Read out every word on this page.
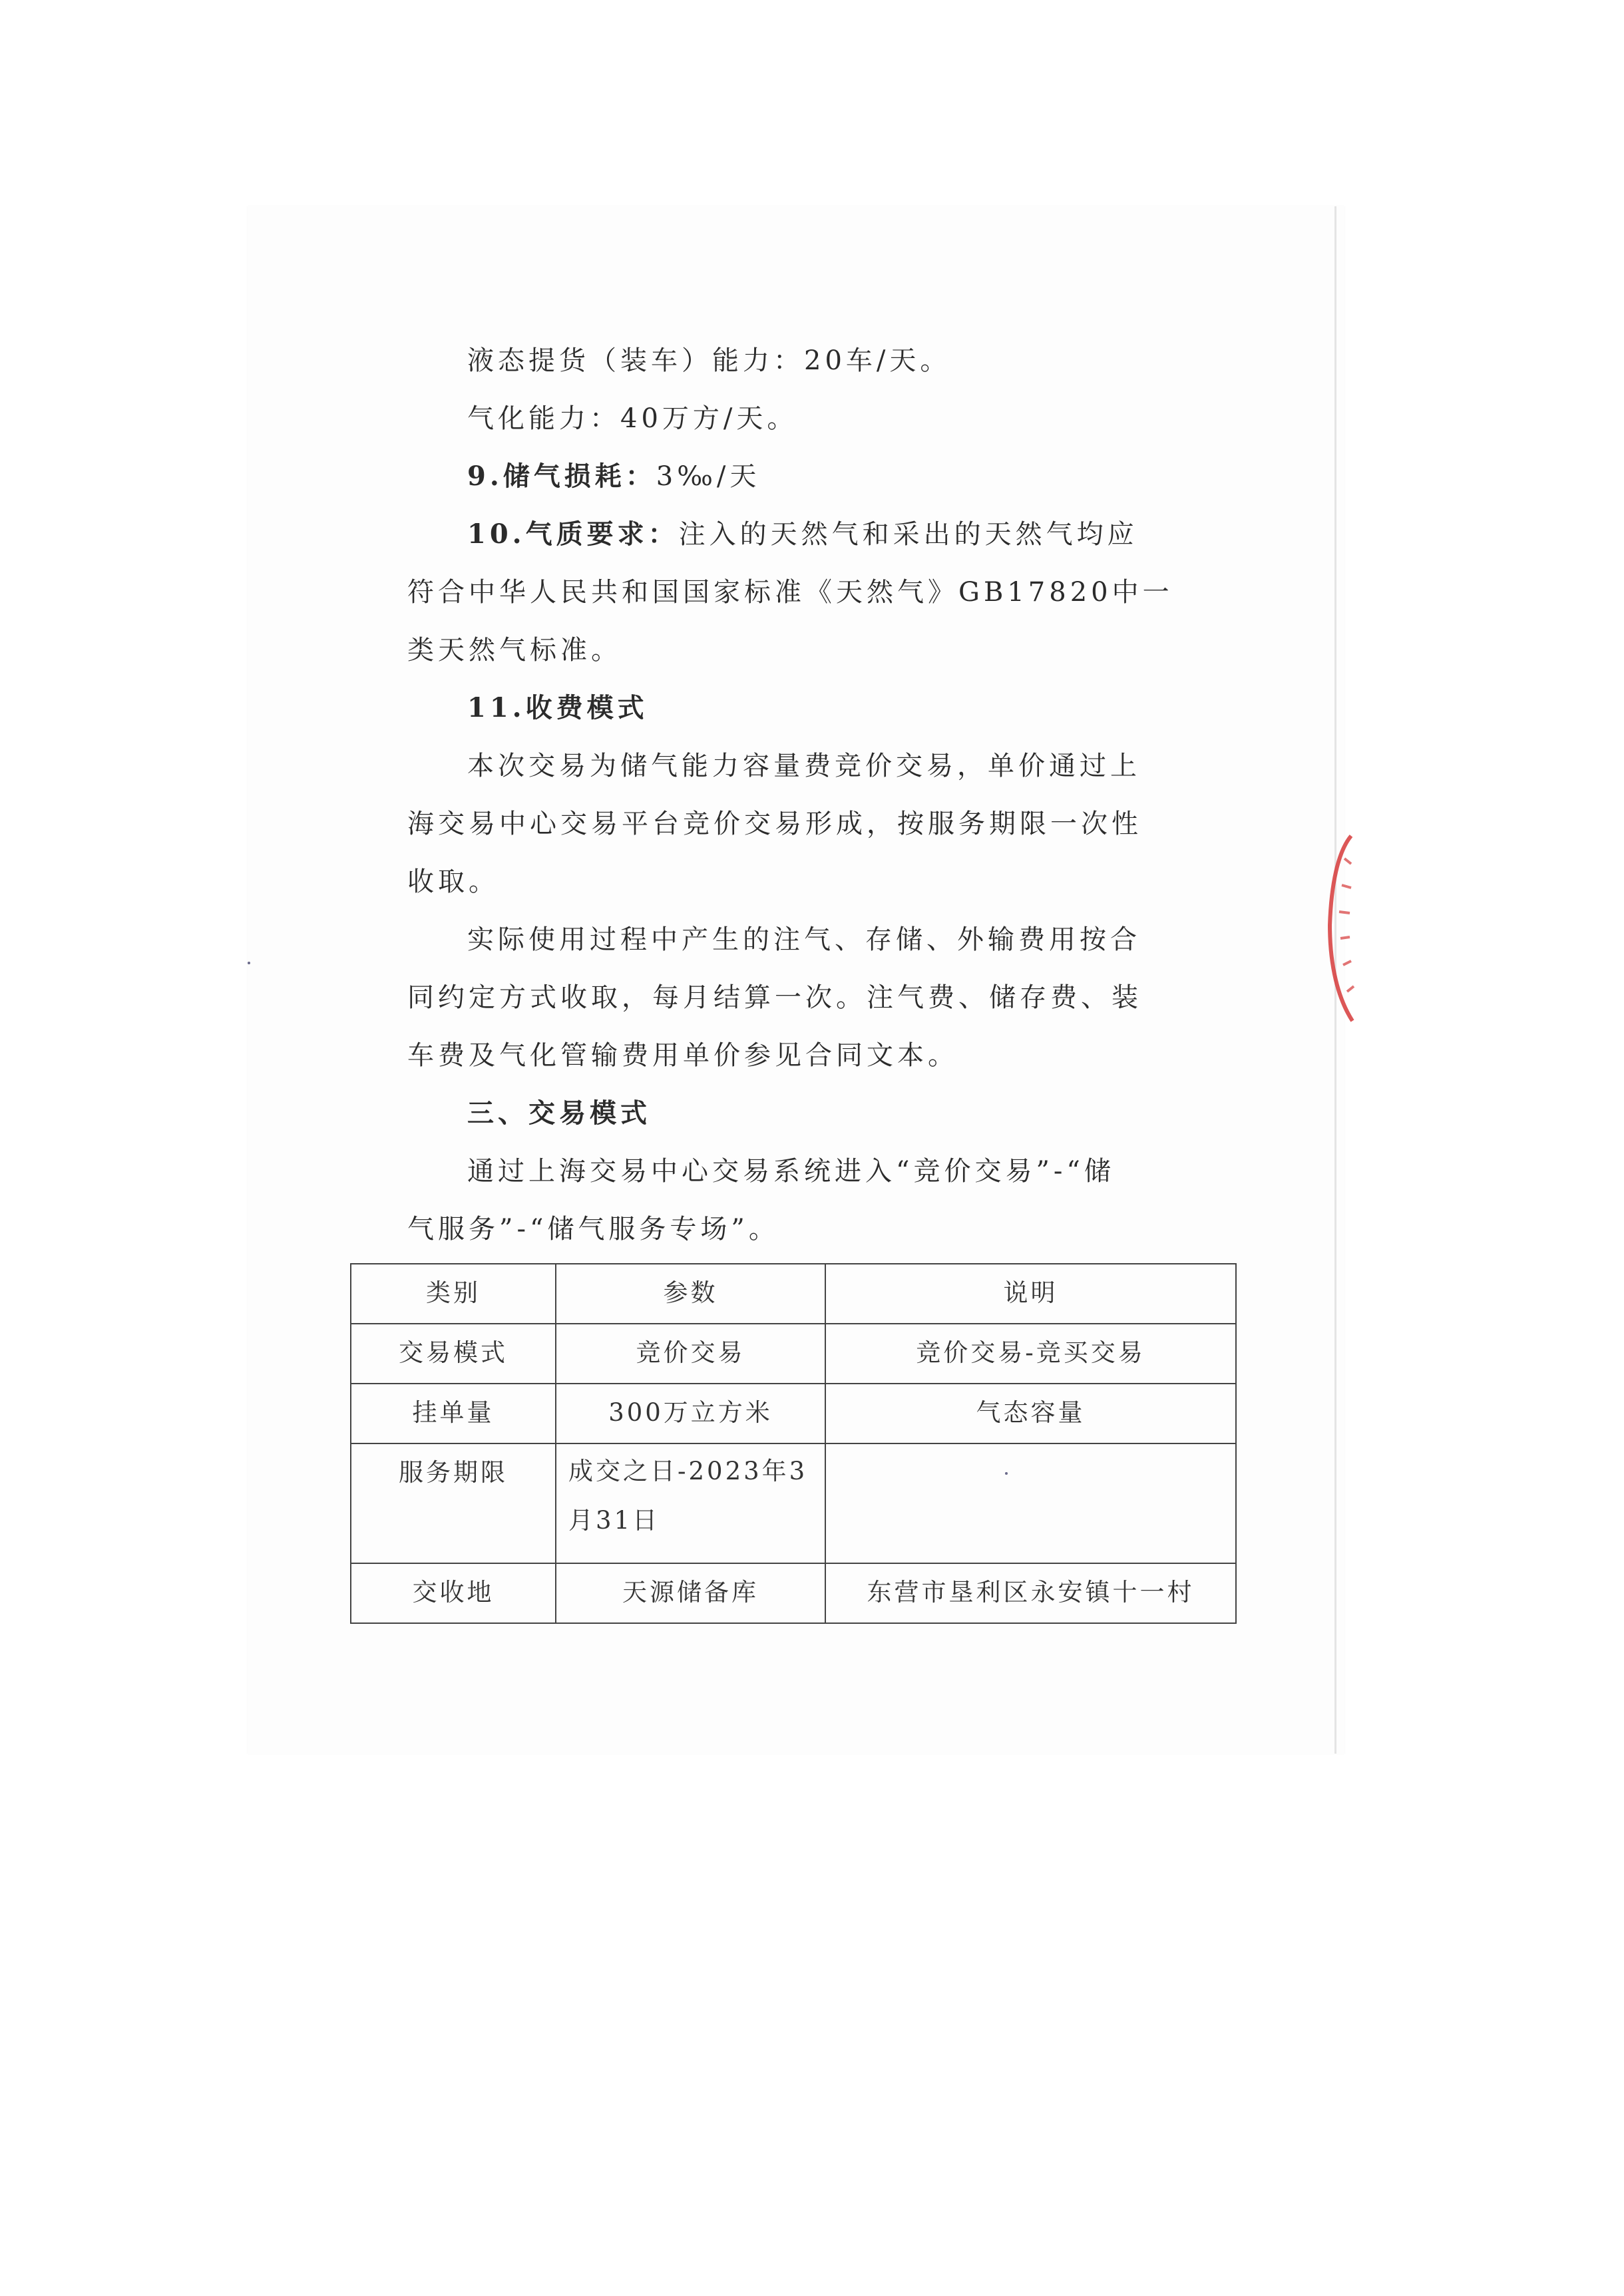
液态提货（装车）能力：20车/天。
气化能力：40万方/天。
9.储气损耗：3‰/天
10.气质要求：注入的天然气和采出的天然气均应
符合中华人民共和国国家标准《天然气》GB17820中一
类天然气标准。
11.收费模式
本次交易为储气能力容量费竞价交易，单价通过上
海交易中心交易平台竞价交易形成，按服务期限一次性
收取。
实际使用过程中产生的注气、存储、外输费用按合
同约定方式收取，每月结算一次。注气费、储存费、装
车费及气化管输费用单价参见合同文本。
三、交易模式
通过上海交易中心交易系统进入“竞价交易”-“储
气服务”-“储气服务专场”。
类别	参数	说明
交易模式	竞价交易	竞价交易-竞买交易
挂单量	300万立方米	气态容量
服务期限	成交之日-2023年3
月31日	

交收地	天源储备库	东营市垦利区永安镇十一村
